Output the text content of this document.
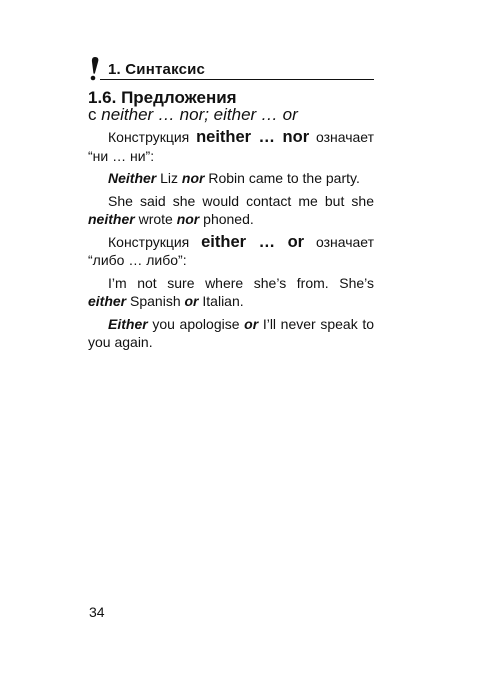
1. Синтаксис
1.6. Предложения
с neither … nor; either … or

Конструкция neither … nor означает “ни … ни”:

Neither Liz nor Robin came to the party.

She said she would contact me but she neither wrote nor phoned.

Конструкция either … or означает “либо … либо”:

I’m not sure where she’s from. She’s either Spanish or Italian.

Either you apologise or I’ll never speak to you again.

34
